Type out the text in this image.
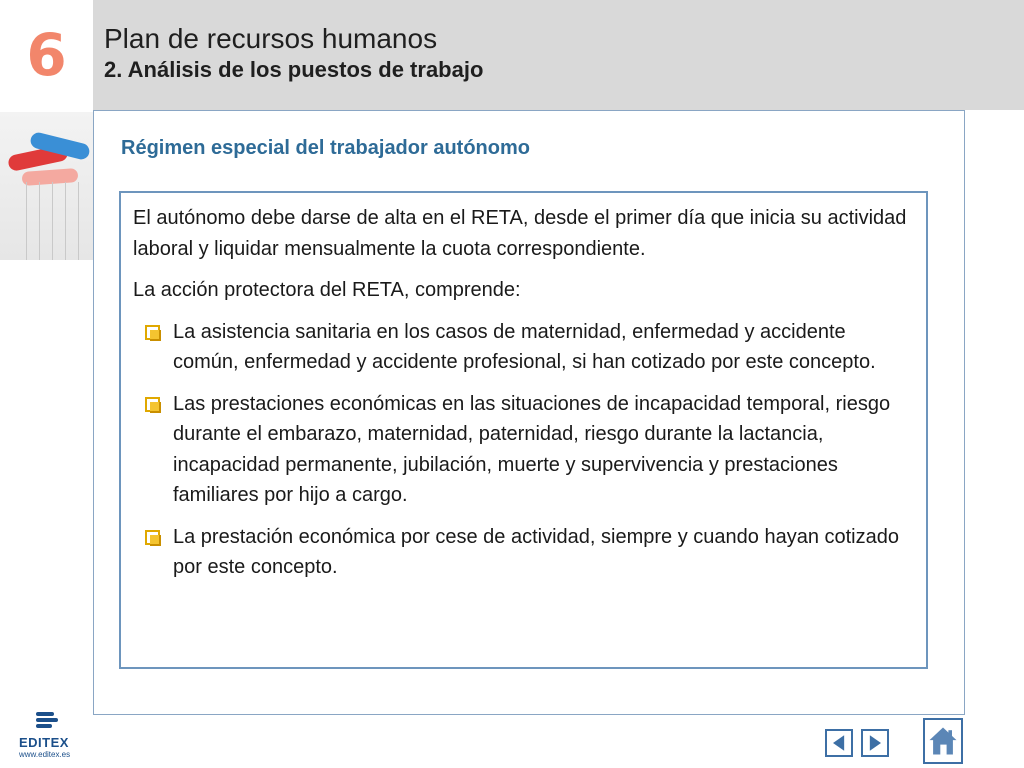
6	Plan de recursos humanos
2. Análisis de los puestos de trabajo
Régimen especial del trabajador autónomo

El autónomo debe darse de alta en el RETA, desde el primer día que inicia su actividad laboral y liquidar mensualmente la cuota correspondiente.

La acción protectora del RETA, comprende:

La asistencia sanitaria en los casos de maternidad, enfermedad y accidente común, enfermedad y accidente profesional, si han cotizado por este concepto.
Las prestaciones económicas en las situaciones de incapacidad temporal, riesgo durante el embarazo, maternidad, paternidad, riesgo durante la lactancia, incapacidad permanente, jubilación, muerte y supervivencia y prestaciones familiares por hijo a cargo.
La prestación económica por cese de actividad, siempre y cuando hayan cotizado por este concepto.
EDITEX
www.editex.es
